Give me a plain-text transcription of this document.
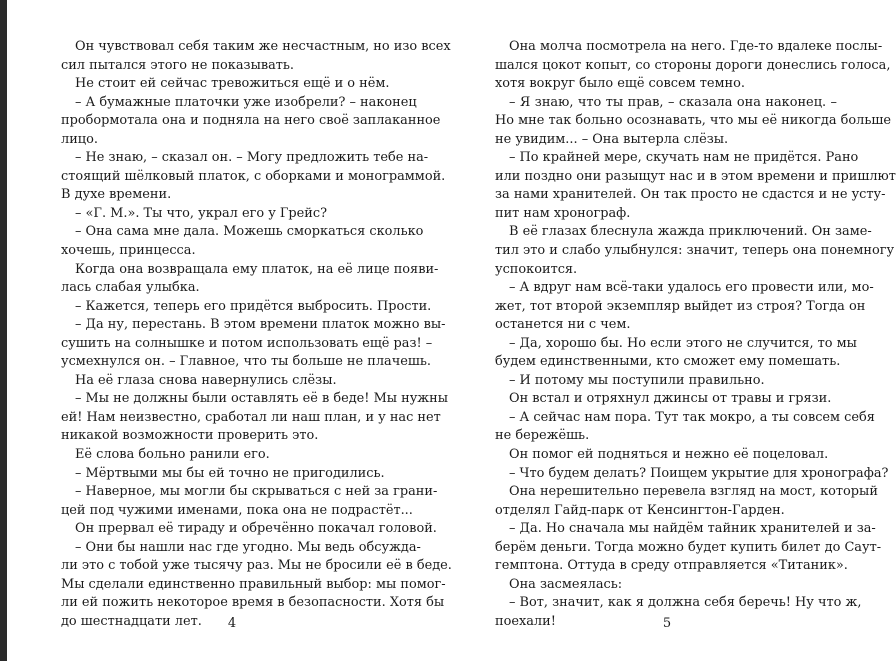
Он чувствовал себя таким же несчастным, но изо всех
сил пытался этого не показывать.
Не стоит ей сейчас тревожиться ещё и о нём.
– А бумажные платочки уже изобрели? – наконец
пробормотала она и подняла на него своё заплаканное
лицо.
– Не знаю, – сказал он. – Могу предложить тебе на-
стоящий шёлковый платок, с оборками и монограммой.
В духе времени.
– «Г. М.». Ты что, украл его у Грейс?
– Она сама мне дала. Можешь сморкаться сколько
хочешь, принцесса.
Когда она возвращала ему платок, на её лице появи-
лась слабая улыбка.
– Кажется, теперь его придётся выбросить. Прости.
– Да ну, перестань. В этом времени платок можно вы-
сушить на солнышке и потом использовать ещё раз! –
усмехнулся он. – Главное, что ты больше не плачешь.
На её глаза снова навернулись слёзы.
– Мы не должны были оставлять её в беде! Мы нужны
ей! Нам неизвестно, сработал ли наш план, и у нас нет
никакой возможности проверить это.
Её слова больно ранили его.
– Мёртвыми мы бы ей точно не пригодились.
– Наверное, мы могли бы скрываться с ней за грани-
цей под чужими именами, пока она не подрастёт...
Он прервал её тираду и обречённо покачал головой.
– Они бы нашли нас где угодно. Мы ведь обсужда-
ли это с тобой уже тысячу раз. Мы не бросили её в беде.
Мы сделали единственно правильный выбор: мы помог-
ли ей пожить некоторое время в безопасности. Хотя бы
до шестнадцати лет.	4
Она молча посмотрела на него. Где-то вдалеке послы-
шался цокот копыт, со стороны дороги донеслись голоса,
хотя вокруг было ещё совсем темно.
– Я знаю, что ты прав, – сказала она наконец. –
Но мне так больно осознавать, что мы её никогда больше
не увидим... – Она вытерла слёзы.
– По крайней мере, скучать нам не придётся. Рано
или поздно они разыщут нас и в этом времени и пришлют
за нами хранителей. Он так просто не сдастся и не усту-
пит нам хронограф.
В её глазах блеснула жажда приключений. Он заме-
тил это и слабо улыбнулся: значит, теперь она понемногу
успокоится.
– А вдруг нам всё-таки удалось его провести или, мо-
жет, тот второй экземпляр выйдет из строя? Тогда он
останется ни с чем.
– Да, хорошо бы. Но если этого не случится, то мы
будем единственными, кто сможет ему помешать.
– И потому мы поступили правильно.
Он встал и отряхнул джинсы от травы и грязи.
– А сейчас нам пора. Тут так мокро, а ты совсем себя
не бережёшь.
Он помог ей подняться и нежно её поцеловал.
– Что будем делать? Поищем укрытие для хронографа?
Она нерешительно перевела взгляд на мост, который
отделял Гайд-парк от Кенсингтон-Гарден.
– Да. Но сначала мы найдём тайник хранителей и за-
берём деньги. Тогда можно будет купить билет до Саут-
гемптона. Оттуда в среду отправляется «Титаник».
Она засмеялась:
– Вот, значит, как я должна себя беречь! Ну что ж,
поехали!	5
